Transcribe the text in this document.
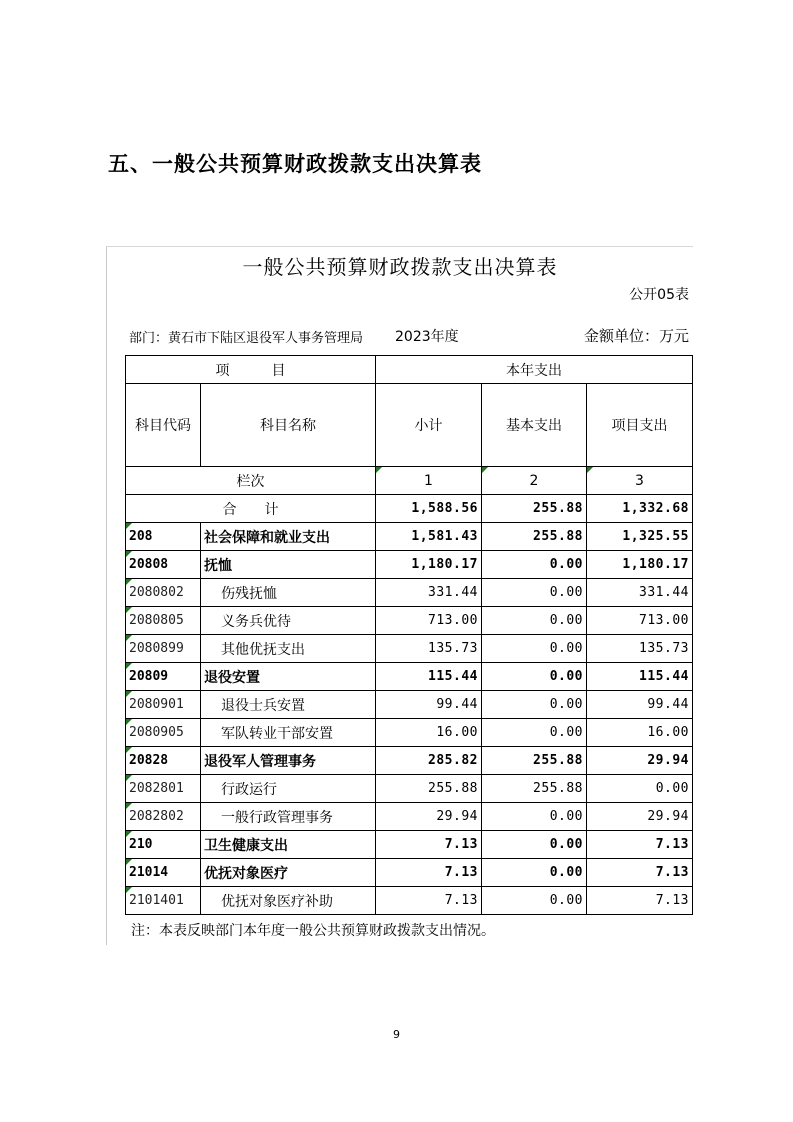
五、一般公共预算财政拨款支出决算表
一般公共预算财政拨款支出决算表
公开05表
部门：黄石市下陆区退役军人事务管理局 2023年度	金额单位：万元
项　　　目		本年支出		
科目代码	科目名称	小计	基本支出	项目支出
栏次		1	2	3
合　　计		1,588.56	255.88	1,332.68
208	社会保障和就业支出	1,581.43	255.88	1,325.55
20808	抚恤	1,180.17	0.00	1,180.17
2080802	伤残抚恤	331.44	0.00	331.44
2080805	义务兵优待	713.00	0.00	713.00
2080899	其他优抚支出	135.73	0.00	135.73
20809	退役安置	115.44	0.00	115.44
2080901	退役士兵安置	99.44	0.00	99.44
2080905	军队转业干部安置	16.00	0.00	16.00
20828	退役军人管理事务	285.82	255.88	29.94
2082801	行政运行	255.88	255.88	0.00
2082802	一般行政管理事务	29.94	0.00	29.94
210	卫生健康支出	7.13	0.00	7.13
21014	优抚对象医疗	7.13	0.00	7.13
2101401	优抚对象医疗补助	7.13	0.00	7.13
注：本表反映部门本年度一般公共预算财政拨款支出情况。
9
